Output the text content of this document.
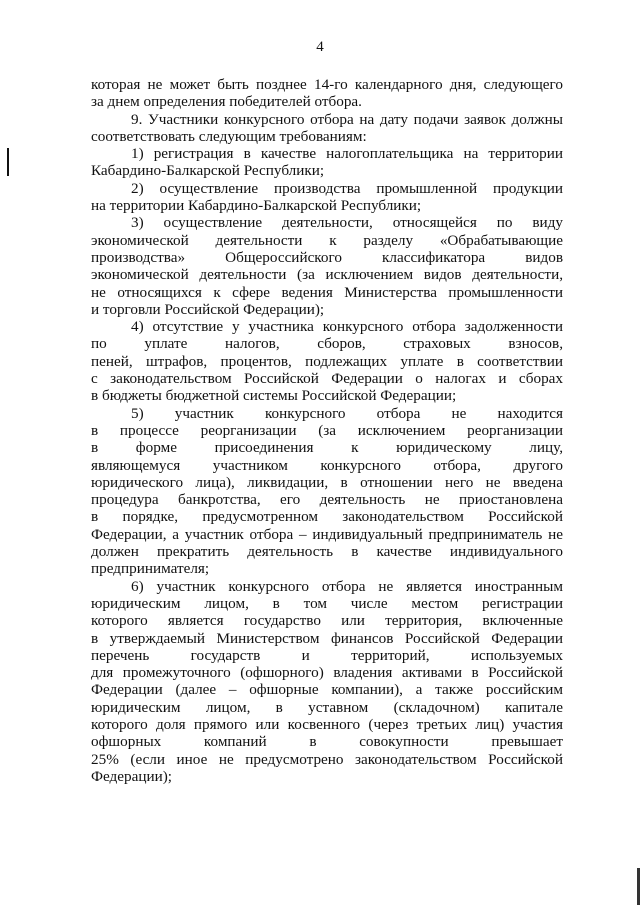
4
которая не может быть позднее 14-го календарного дня, следующего
за днем определения победителей отбора.
9. Участники конкурсного отбора на дату подачи заявок должны
соответствовать следующим требованиям:
1) регистрация в качестве налогоплательщика на территории
Кабардино-Балкарской Республики;
2) осуществление производства промышленной продукции
на территории Кабардино-Балкарской Республики;
3) осуществление деятельности, относящейся по виду
экономической деятельности к разделу «Обрабатывающие
производства» Общероссийского классификатора видов
экономической деятельности (за исключением видов деятельности,
не относящихся к сфере ведения Министерства промышленности
и торговли Российской Федерации);
4) отсутствие у участника конкурсного отбора задолженности
по уплате налогов, сборов, страховых взносов,
пеней, штрафов, процентов, подлежащих уплате в соответствии
с законодательством Российской Федерации о налогах и сборах
в бюджеты бюджетной системы Российской Федерации;
5) участник конкурсного отбора не находится
в процессе реорганизации (за исключением реорганизации
в форме присоединения к юридическому лицу,
являющемуся участником конкурсного отбора, другого
юридического лица), ликвидации, в отношении него не введена
процедура банкротства, его деятельность не приостановлена
в порядке, предусмотренном законодательством Российской
Федерации, а участник отбора – индивидуальный предприниматель не
должен прекратить деятельность в качестве индивидуального
предпринимателя;
6) участник конкурсного отбора не является иностранным
юридическим лицом, в том числе местом регистрации
которого является государство или территория, включенные
в утверждаемый Министерством финансов Российской Федерации
перечень государств и территорий, используемых
для промежуточного (офшорного) владения активами в Российской
Федерации (далее – офшорные компании), а также российским
юридическим лицом, в уставном (складочном) капитале
которого доля прямого или косвенного (через третьих лиц) участия
офшорных компаний в совокупности превышает
25% (если иное не предусмотрено законодательством Российской
Федерации);
